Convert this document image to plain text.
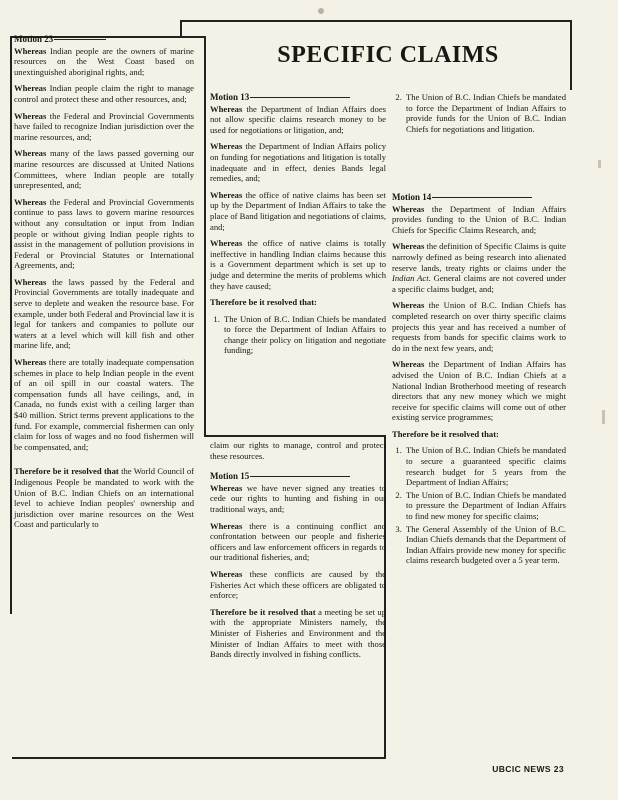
SPECIFIC CLAIMS

Motion 23

Whereas Indian people are the owners of marine resources on the West Coast based on unextinguished aboriginal rights, and;

Whereas Indian people claim the right to manage control and protect these and other resources, and;

Whereas the Federal and Provincial Governments have failed to recognize Indian jurisdiction over the marine resources, and;

Whereas many of the laws passed governing our marine resources are discussed at United Nations Committees, where Indian people are totally unrepresented, and;

Whereas the Federal and Provincial Governments continue to pass laws to govern marine resources without any consultation or input from Indian people or without giving Indian people rights to assist in the management of pollution provisions in Federal or Provincial Statutes or International Agreements, and;

Whereas the laws passed by the Federal and Provincial Governments are totally inadequate and serve to deplete and weaken the resource base. For example, under both Federal and Provincial law it is legal for tankers and companies to pollute our waters at a level which will kill fish and other marine life, and;

Whereas there are totally inadequate compensation schemes in place to help Indian people in the event of an oil spill in our coastal waters. The compensation funds all have ceilings, and, in Canada, no funds exist with a ceiling larger than $40 million. Strict terms prevent applications to the fund. For example, commercial fishermen can only claim for loss of wages and no food fishermen will be compensated, and;

Therefore be it resolved that the World Council of Indigenous People be mandated to work with the Union of B.C. Indian Chiefs on an international level to achieve Indian peoples' ownership and jurisdiction over marine resources on the West Coast and particularly to

Motion 13

Whereas the Department of Indian Affairs does not allow specific claims research money to be used for negotiations or litigation, and;

Whereas the Department of Indian Affairs policy on funding for negotiations and litigation is totally inadequate and in effect, denies Bands legal remedies, and;

Whereas the office of native claims has been set up by the Department of Indian Affairs to take the place of Band litigation and negotiations of claims, and;

Whereas the office of native claims is totally ineffective in handling Indian claims because this is a Government department which is set up to judge and determine the merits of problems which they have caused;

Therefore be it resolved that:

1. The Union of B.C. Indian Chiefs be mandated to force the Department of Indian Affairs to change their policy on litigation and negotiate funding;

claim our rights to manage, control and protect these resources.

Motion 15

Whereas we have never signed any treaties to cede our rights to hunting and fishing in our traditional ways, and;

Whereas there is a continuing conflict and confrontation between our people and fisheries officers and law enforcement officers in regards to our traditional fisheries, and;

Whereas these conflicts are caused by the Fisheries Act which these officers are obligated to enforce;

Therefore be it resolved that a meeting be set up with the appropriate Ministers namely, the Minister of Fisheries and Environment and the Minister of Indian Affairs to meet with those Bands directly involved in fishing conflicts.

2. The Union of B.C. Indian Chiefs be mandated to force the Department of Indian Affairs to provide funds for the Union of B.C. Indian Chiefs for negotiations and litigation.

Motion 14

Whereas the Department of Indian Affairs provides funding to the Union of B.C. Indian Chiefs for Specific Claims Research, and;

Whereas the definition of Specific Claims is quite narrowly defined as being research into alienated reserve lands, treaty rights or claims under the Indian Act. General claims are not covered under a specific claims budget, and;

Whereas the Union of B.C. Indian Chiefs has completed research on over thirty specific claims projects this year and has received a number of requests from bands for specific claims work to do in the next few years, and;

Whereas the Department of Indian Affairs has advised the Union of B.C. Indian Chiefs at a National Indian Brotherhood meeting of research directors that any new money which we might receive for specific claims will come out of other existing service programmes;

Therefore be it resolved that:

1. The Union of B.C. Indian Chiefs be mandated to secure a guaranteed specific claims research budget for 5 years from the Department of Indian Affairs;
2. The Union of B.C. Indian Chiefs be mandated to pressure the Department of Indian Affairs to find new money for specific claims;
3. The General Assembly of the Union of B.C. Indian Chiefs demands that the Department of Indian Affairs provide new money for specific claims research budgeted over a 5 year term.
UBCIC NEWS 23
